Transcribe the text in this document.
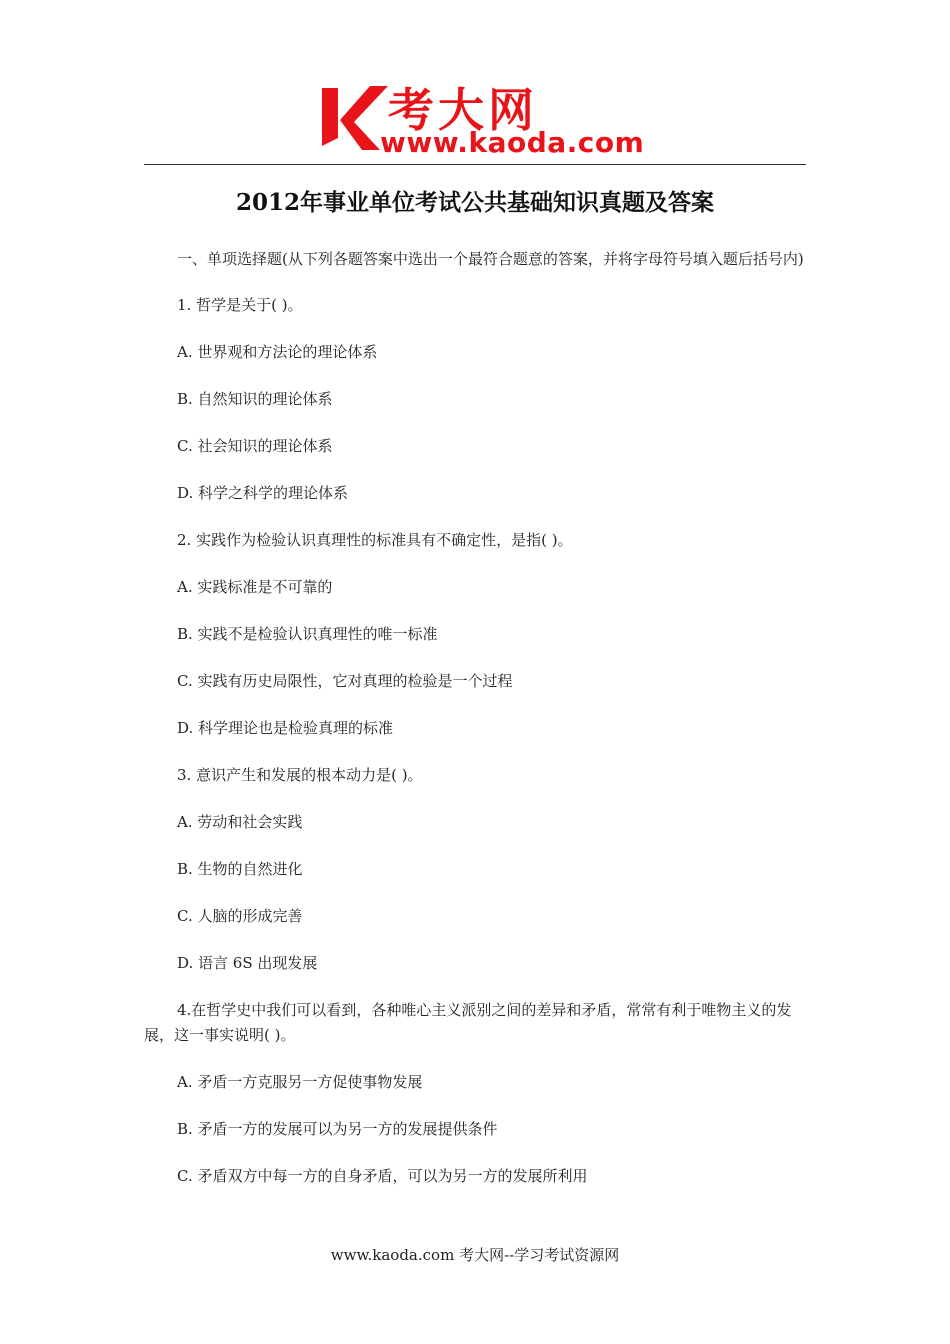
考大网
www.kaoda.com
2012年事业单位考试公共基础知识真题及答案

一、单项选择题(从下列各题答案中选出一个最符合题意的答案，并将字母符号填入题后括号内)

1. 哲学是关于( )。

A. 世界观和方法论的理论体系

B. 自然知识的理论体系

C. 社会知识的理论体系

D. 科学之科学的理论体系

2. 实践作为检验认识真理性的标准具有不确定性，是指( )。

A. 实践标准是不可靠的

B. 实践不是检验认识真理性的唯一标准

C. 实践有历史局限性，它对真理的检验是一个过程

D. 科学理论也是检验真理的标准

3. 意识产生和发展的根本动力是( )。

A. 劳动和社会实践

B. 生物的自然进化

C. 人脑的形成完善

D. 语言 6S 出现发展

4.在哲学史中我们可以看到，各种唯心主义派别之间的差异和矛盾，常常有利于唯物主义的发展，这一事实说明( )。

A. 矛盾一方克服另一方促使事物发展

B. 矛盾一方的发展可以为另一方的发展提供条件

C. 矛盾双方中每一方的自身矛盾，可以为另一方的发展所利用

www.kaoda.com 考大网--学习考试资源网
